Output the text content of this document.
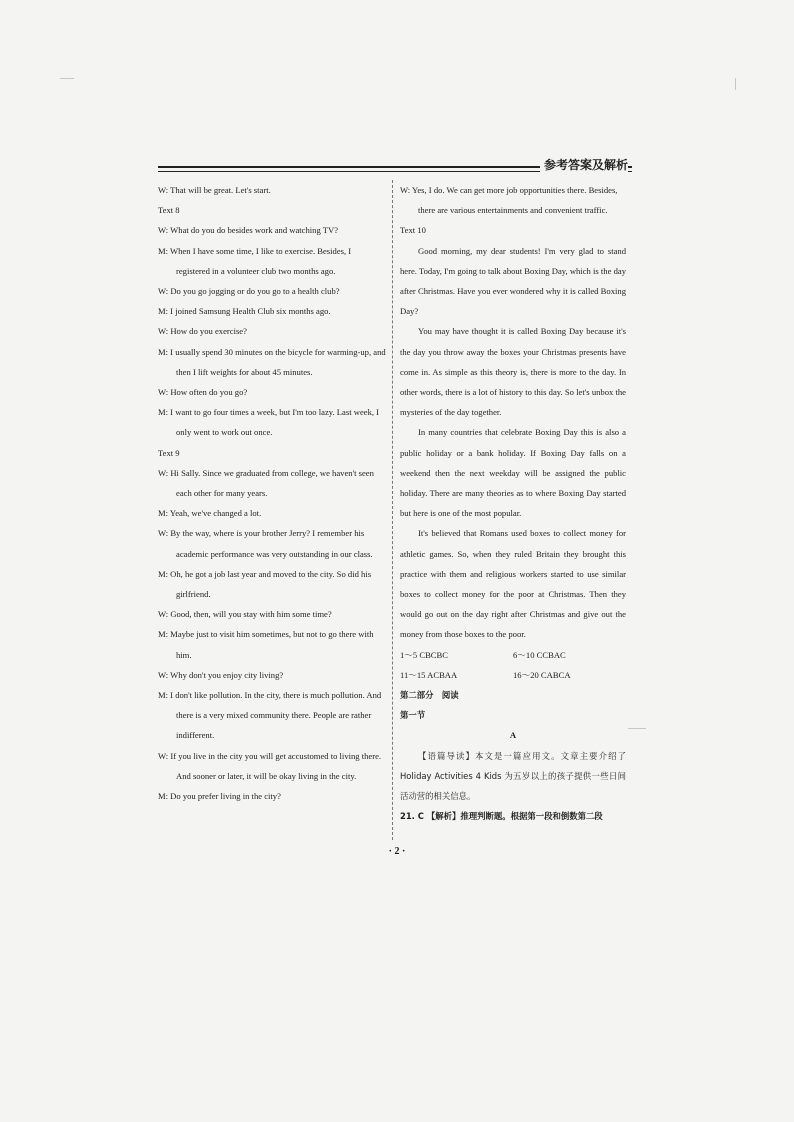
参考答案及解析

W: That will be great. Let's start.

Text 8

W: What do you do besides work and watching TV?

M: When I have some time, I like to exercise. Besides, I registered in a volunteer club two months ago.

W: Do you go jogging or do you go to a health club?

M: I joined Samsung Health Club six months ago.

W: How do you exercise?

M: I usually spend 30 minutes on the bicycle for warming-up, and then I lift weights for about 45 minutes.

W: How often do you go?

M: I want to go four times a week, but I'm too lazy. Last week, I only went to work out once.

Text 9

W: Hi Sally. Since we graduated from college, we haven't seen each other for many years.

M: Yeah, we've changed a lot.

W: By the way, where is your brother Jerry? I remember his academic performance was very outstanding in our class.

M: Oh, he got a job last year and moved to the city. So did his girlfriend.

W: Good, then, will you stay with him some time?

M: Maybe just to visit him sometimes, but not to go there with him.

W: Why don't you enjoy city living?

M: I don't like pollution. In the city, there is much pollution. And there is a very mixed community there. People are rather indifferent.

W: If you live in the city you will get accustomed to living there. And sooner or later, it will be okay living in the city.

M: Do you prefer living in the city?

W: Yes, I do. We can get more job opportunities there. Besides, there are various entertainments and convenient traffic.

Text 10

Good morning, my dear students! I'm very glad to stand here. Today, I'm going to talk about Boxing Day, which is the day after Christmas. Have you ever wondered why it is called Boxing Day?

You may have thought it is called Boxing Day because it's the day you throw away the boxes your Christmas presents have come in. As simple as this theory is, there is more to the day. In other words, there is a lot of history to this day. So let's unbox the mysteries of the day together.

In many countries that celebrate Boxing Day this is also a public holiday or a bank holiday. If Boxing Day falls on a weekend then the next weekday will be assigned the public holiday. There are many theories as to where Boxing Day started but here is one of the most popular.

It's believed that Romans used boxes to collect money for athletic games. So, when they ruled Britain they brought this practice with them and religious workers started to use similar boxes to collect money for the poor at Christmas. Then they would go out on the day right after Christmas and give out the money from those boxes to the poor.

1～5 CBCBC	6～10 CCBAC
11～15 ACBAA	16～20 CABCA

第二部分　阅读

第一节

A

【语篇导读】本文是一篇应用文。文章主要介绍了 Holiday Activities 4 Kids 为五岁以上的孩子提供一些日间活动营的相关信息。

21. C 【解析】推理判断题。根据第一段和倒数第二段

· 2 ·
